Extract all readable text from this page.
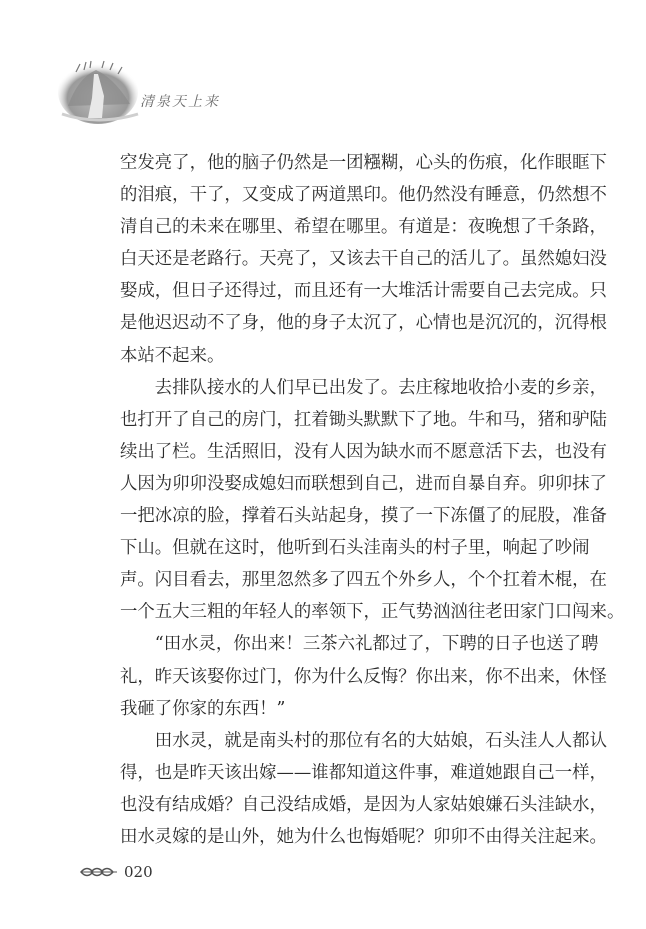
清泉天上来
空发亮了，他的脑子仍然是一团糨糊，心头的伤痕，化作眼眶下
的泪痕，干了，又变成了两道黑印。他仍然没有睡意，仍然想不
清自己的未来在哪里、希望在哪里。有道是：夜晚想了千条路，
白天还是老路行。天亮了，又该去干自己的活儿了。虽然媳妇没
娶成，但日子还得过，而且还有一大堆活计需要自己去完成。只
是他迟迟动不了身，他的身子太沉了，心情也是沉沉的，沉得根
本站不起来。
去排队接水的人们早已出发了。去庄稼地收拾小麦的乡亲，
也打开了自己的房门，扛着锄头默默下了地。牛和马，猪和驴陆
续出了栏。生活照旧，没有人因为缺水而不愿意活下去，也没有
人因为卯卯没娶成媳妇而联想到自己，进而自暴自弃。卯卯抹了
一把冰凉的脸，撑着石头站起身，摸了一下冻僵了的屁股，准备
下山。但就在这时，他听到石头洼南头的村子里，响起了吵闹
声。闪目看去，那里忽然多了四五个外乡人，个个扛着木棍，在
一个五大三粗的年轻人的率领下，正气势汹汹往老田家门口闯来。
“田水灵，你出来！三茶六礼都过了，下聘的日子也送了聘
礼，昨天该娶你过门，你为什么反悔？你出来，你不出来，休怪
我砸了你家的东西！”
田水灵，就是南头村的那位有名的大姑娘，石头洼人人都认
得，也是昨天该出嫁——谁都知道这件事，难道她跟自己一样，
也没有结成婚？自己没结成婚，是因为人家姑娘嫌石头洼缺水，
田水灵嫁的是山外，她为什么也悔婚呢？卯卯不由得关注起来。
020
